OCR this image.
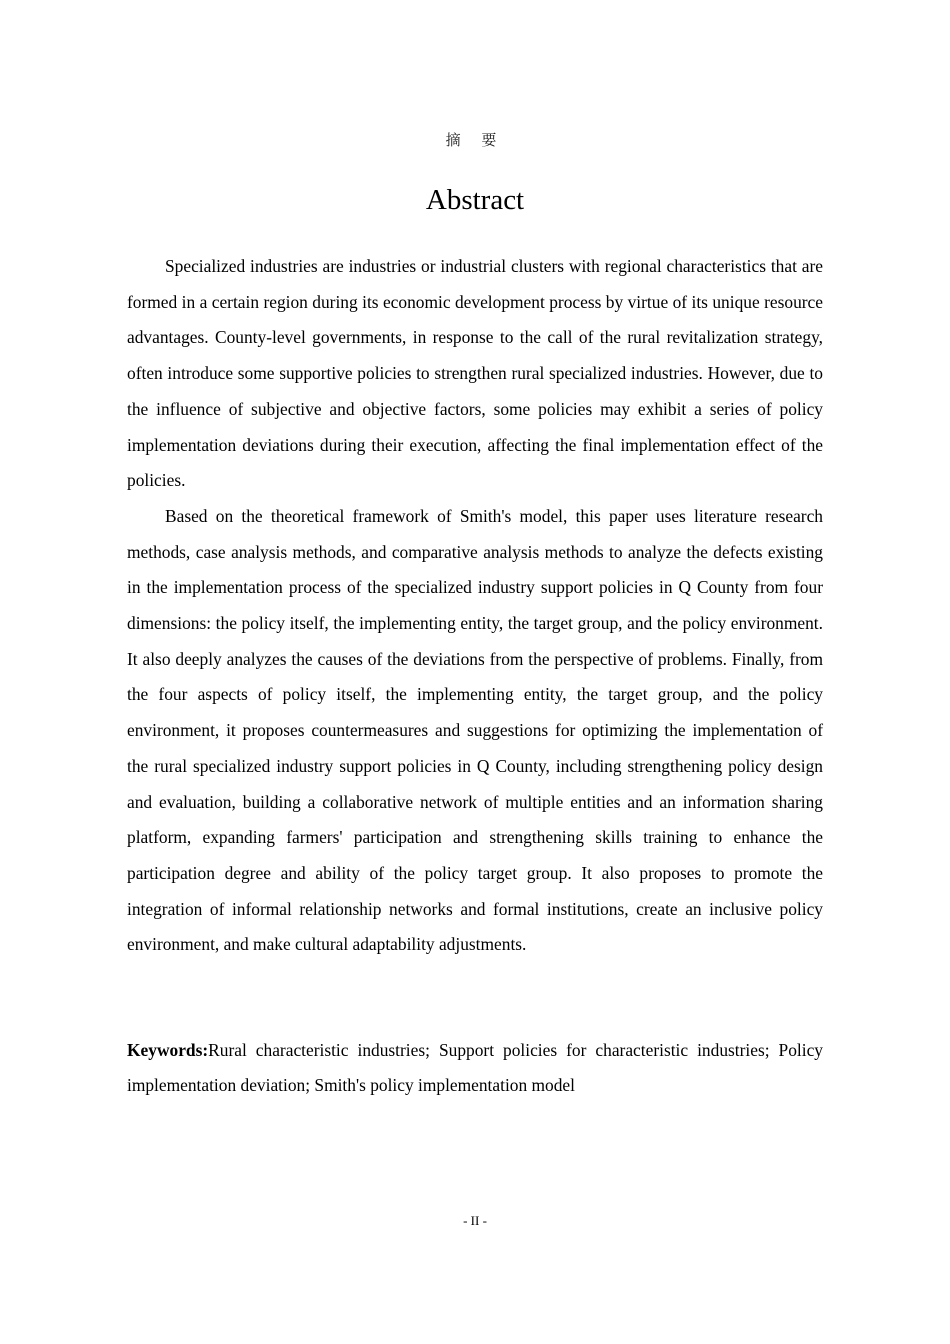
摘 要
Abstract

Specialized industries are industries or industrial clusters with regional characteristics that are formed in a certain region during its economic development process by virtue of its unique resource advantages. County-level governments, in response to the call of the rural revitalization strategy, often introduce some supportive policies to strengthen rural specialized industries. However, due to the influence of subjective and objective factors, some policies may exhibit a series of policy implementation deviations during their execution, affecting the final implementation effect of the policies.

Based on the theoretical framework of Smith's model, this paper uses literature research methods, case analysis methods, and comparative analysis methods to analyze the defects existing in the implementation process of the specialized industry support policies in Q County from four dimensions: the policy itself, the implementing entity, the target group, and the policy environment. It also deeply analyzes the causes of the deviations from the perspective of problems. Finally, from the four aspects of policy itself, the implementing entity, the target group, and the policy environment, it proposes countermeasures and suggestions for optimizing the implementation of the rural specialized industry support policies in Q County, including strengthening policy design and evaluation, building a collaborative network of multiple entities and an information sharing platform, expanding farmers' participation and strengthening skills training to enhance the participation degree and ability of the policy target group. It also proposes to promote the integration of informal relationship networks and formal institutions, create an inclusive policy environment, and make cultural adaptability adjustments.

Keywords:Rural characteristic industries; Support policies for characteristic industries; Policy implementation deviation; Smith's policy implementation model
- II -
